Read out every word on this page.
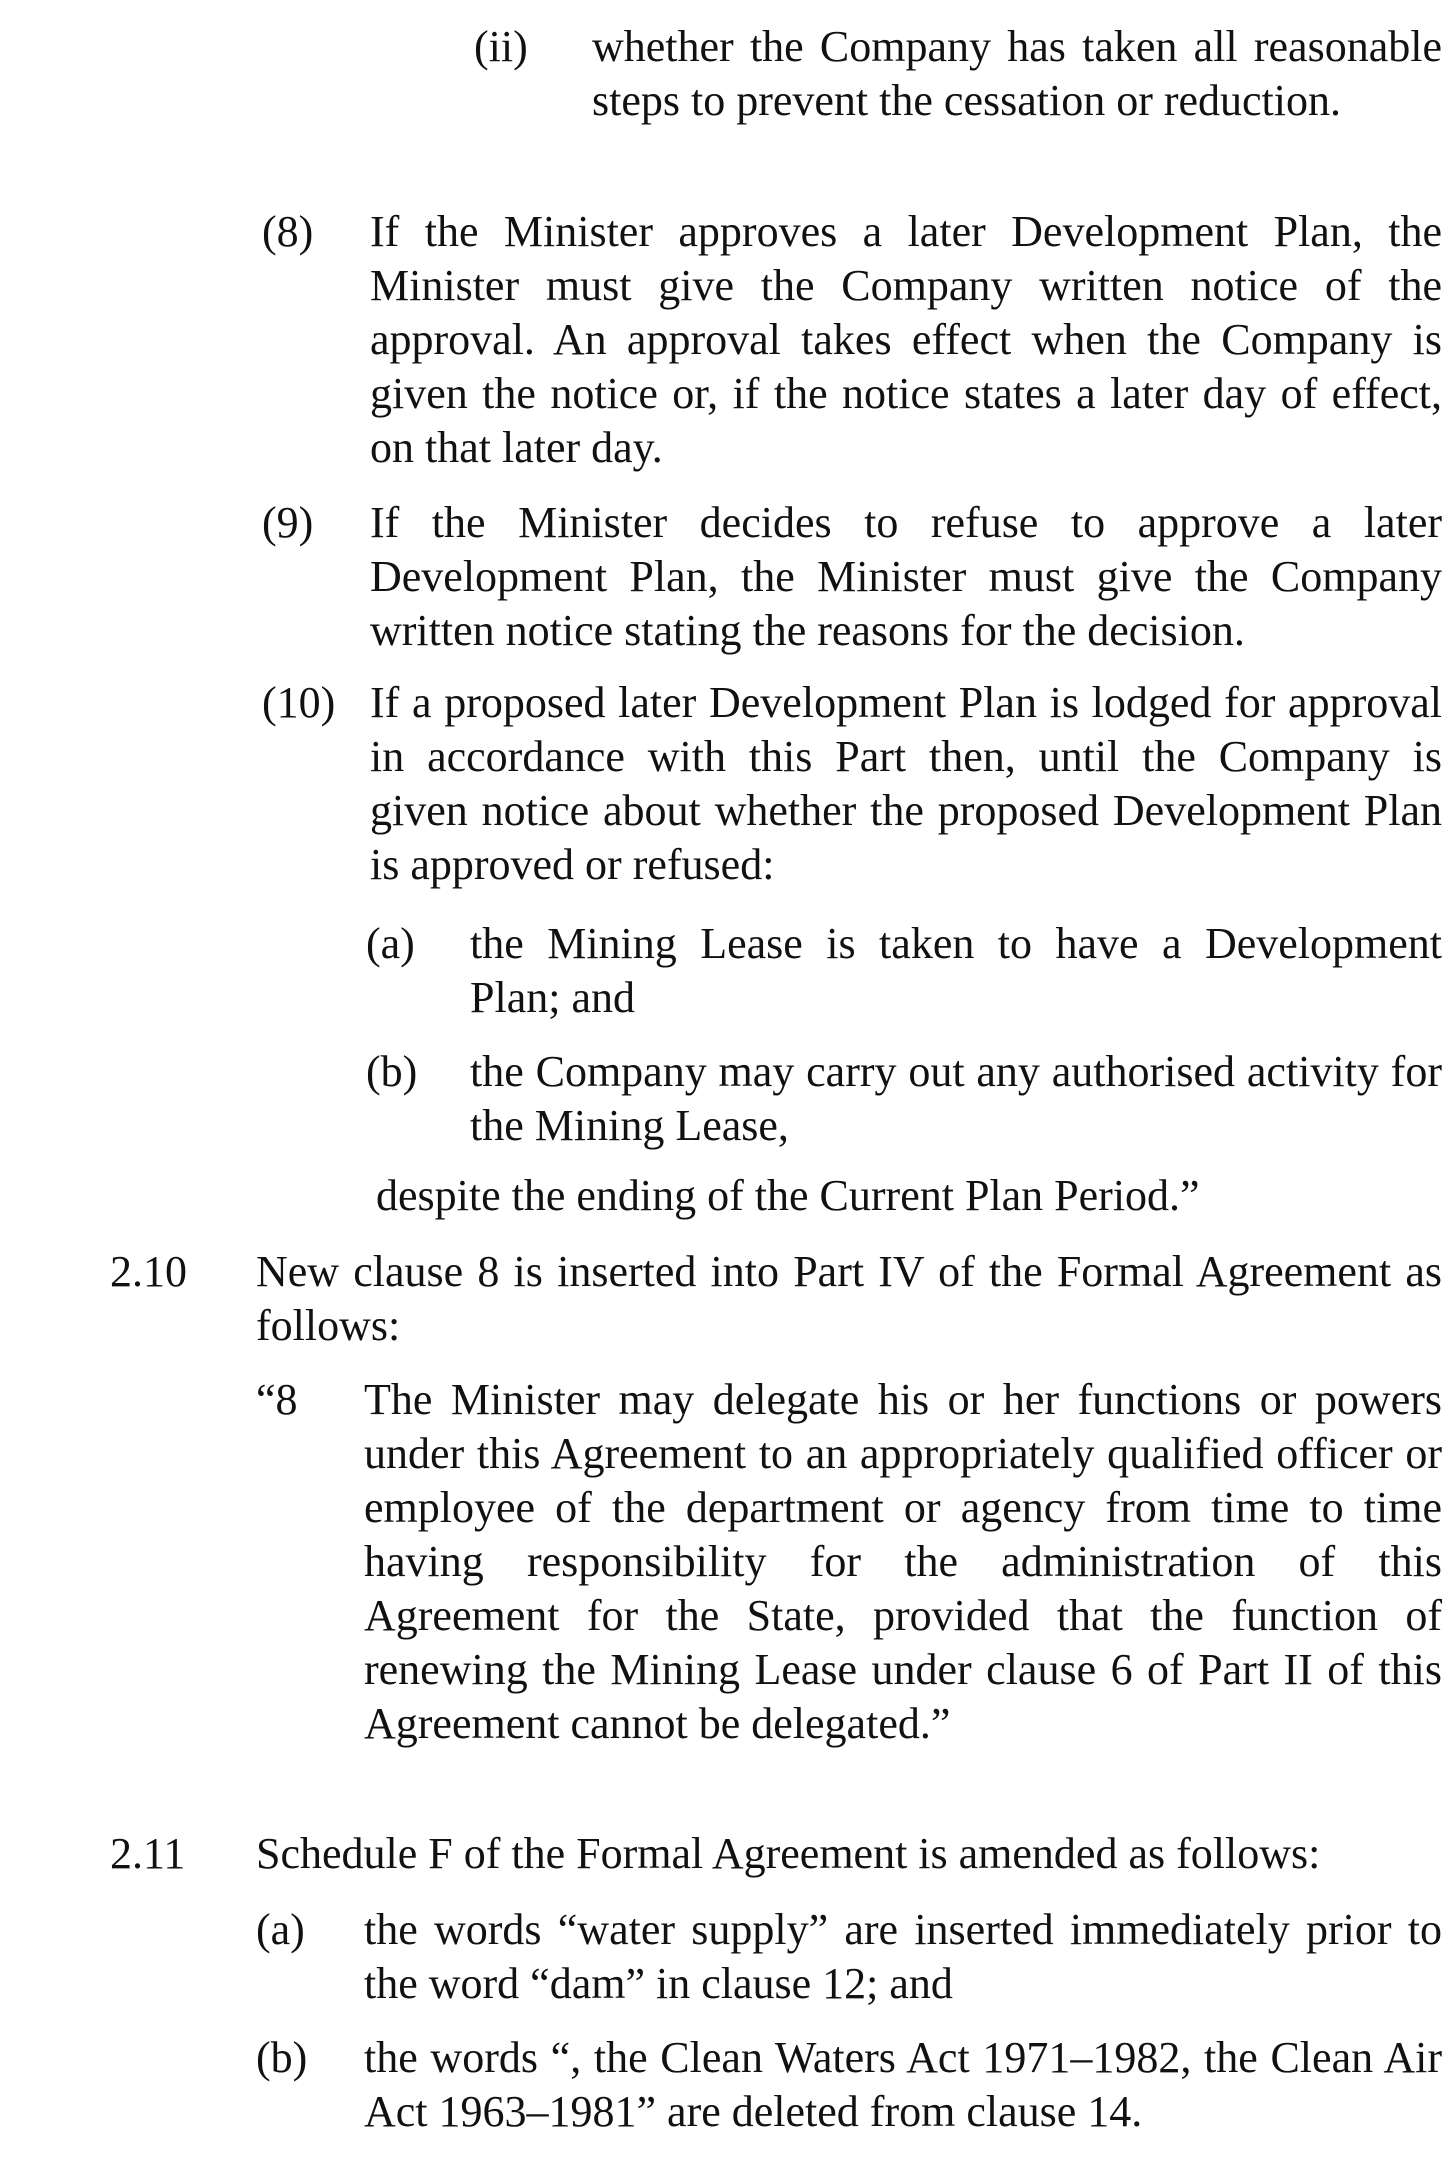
(ii)	whether the Company has taken all reasonable steps to prevent the cessation or reduction.
(8)	If the Minister approves a later Development Plan, the Minister must give the Company written notice of the approval. An approval takes effect when the Company is given the notice or, if the notice states a later day of effect, on that later day.
(9)	If the Minister decides to refuse to approve a later Development Plan, the Minister must give the Company written notice stating the reasons for the decision.
(10) If a proposed later Development Plan is lodged for approval in accordance with this Part then, until the Company is given notice about whether the proposed Development Plan is approved or refused:
(a)	the Mining Lease is taken to have a Development Plan; and
(b)	the Company may carry out any authorised activity for the Mining Lease,
despite the ending of the Current Plan Period.”
2.10	New clause 8 is inserted into Part IV of the Formal Agreement as follows:
“8	The Minister may delegate his or her functions or powers under this Agreement to an appropriately qualified officer or employee of the department or agency from time to time having responsibility for the administration of this Agreement for the State, provided that the function of renewing the Mining Lease under clause 6 of Part II of this Agreement cannot be delegated.”
2.11	Schedule F of the Formal Agreement is amended as follows:
(a)	the words “water supply” are inserted immediately prior to the word “dam” in clause 12; and
(b)	the words “, the Clean Waters Act 1971–1982, the Clean Air Act 1963–1981” are deleted from clause 14.
